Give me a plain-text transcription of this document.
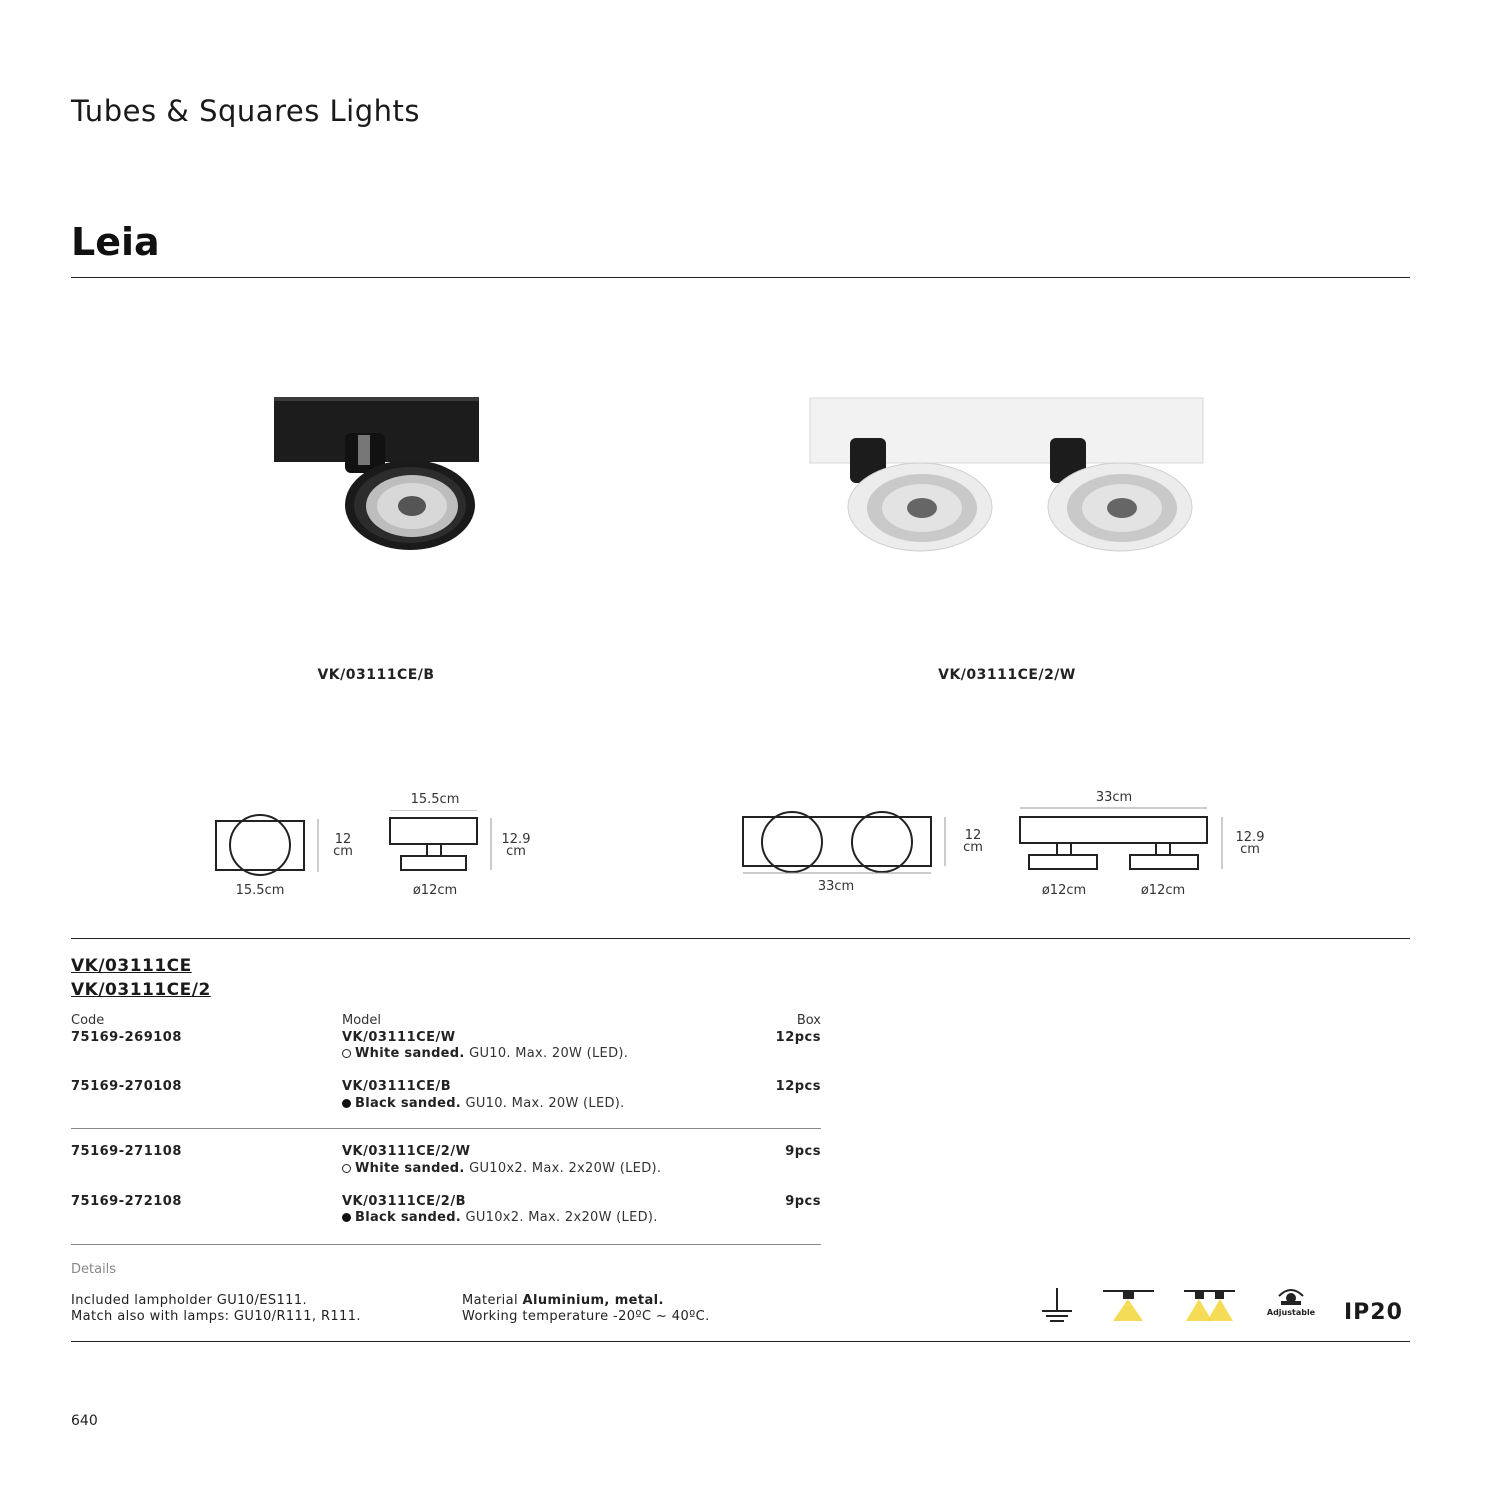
Tubes & Squares Lights
Leia
VK/03111CE/B	VK/03111CE/2/W
15.5cm
15.5cm
12
cm
12.9
cm
ø12cm
33cm
33cm
12
cm
12.9
cm
ø12cm	ø12cm
VK/03111CE
VK/03111CE/2
Code	Model	Box
75169-269108	VK/03111CE/W	12pcs
White sanded. GU10. Max. 20W (LED).
75169-270108	VK/03111CE/B	12pcs
Black sanded. GU10. Max. 20W (LED).
75169-271108	VK/03111CE/2/W	9pcs
White sanded. GU10x2. Max. 2x20W (LED).
75169-272108	VK/03111CE/2/B	9pcs
Black sanded. GU10x2. Max. 2x20W (LED).
Details
Included lampholder GU10/ES111.
Match also with lamps: GU10/R111, R111.
Material Aluminium, metal.
Working temperature -20ºC ~ 40ºC.	Adjustable IP20
640
